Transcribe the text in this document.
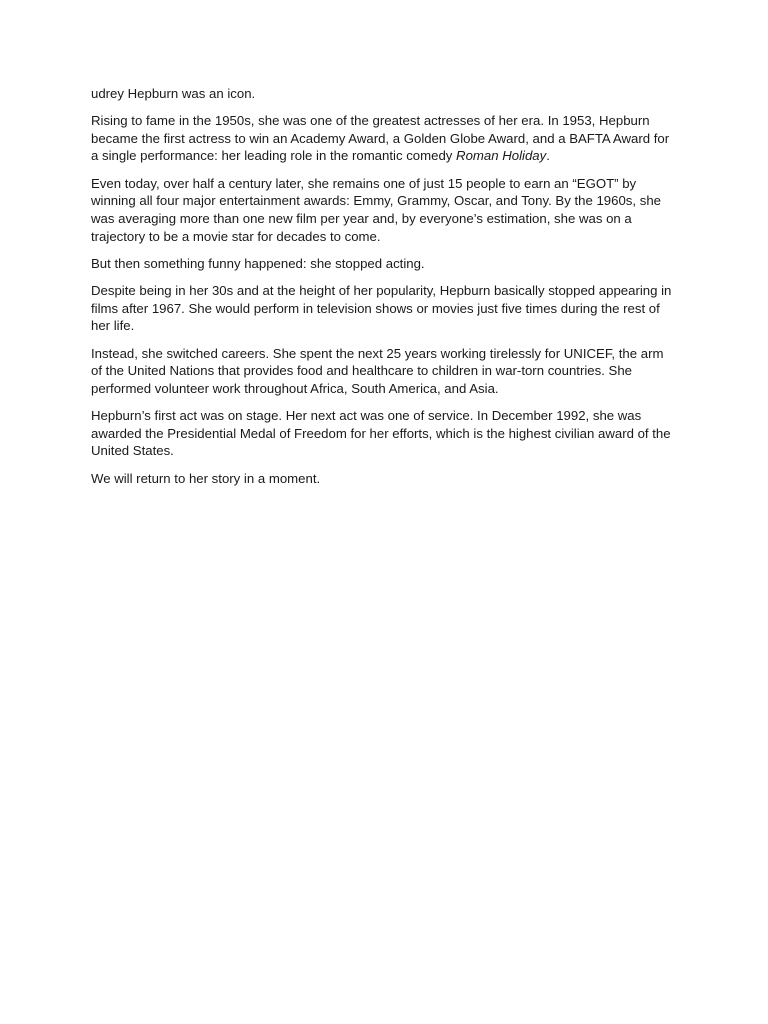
udrey Hepburn was an icon.

Rising to fame in the 1950s, she was one of the greatest actresses of her era. In 1953, Hepburn became the first actress to win an Academy Award, a Golden Globe Award, and a BAFTA Award for a single performance: her leading role in the romantic comedy Roman Holiday.

Even today, over half a century later, she remains one of just 15 people to earn an “EGOT” by winning all four major entertainment awards: Emmy, Grammy, Oscar, and Tony. By the 1960s, she was averaging more than one new film per year and, by everyone’s estimation, she was on a trajectory to be a movie star for decades to come.

But then something funny happened: she stopped acting.

Despite being in her 30s and at the height of her popularity, Hepburn basically stopped appearing in films after 1967. She would perform in television shows or movies just five times during the rest of her life.

Instead, she switched careers. She spent the next 25 years working tirelessly for UNICEF, the arm of the United Nations that provides food and healthcare to children in war-torn countries. She performed volunteer work throughout Africa, South America, and Asia.

Hepburn’s first act was on stage. Her next act was one of service. In December 1992, she was awarded the Presidential Medal of Freedom for her efforts, which is the highest civilian award of the United States.

We will return to her story in a moment.
